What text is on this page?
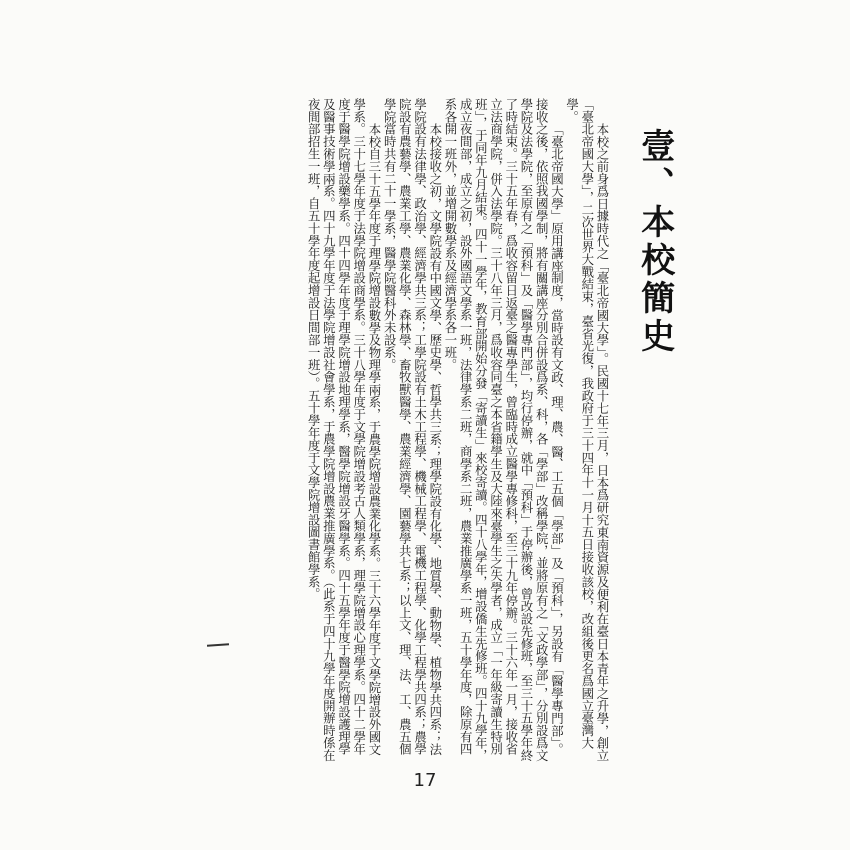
壹、本校簡史

本校之前身爲日據時代之「臺北帝國大學」。民國十七年三月，日本爲研究東南資源及便利在臺日本青年之升學，創立「臺北帝國大學」，二次世界大戰結束，臺省光復，我政府于三十四年十一月十五日接收該校，改組後更名爲國立臺灣大學。

「臺北帝國大學」原用講座制度，當時設有文政、理、農、醫、工五個「學部」及「預科」，另設有「醫學專門部」。接收之後，依照我國學制，將有關講座分別合併設爲系、科，各「學部」改稱學院，並將原有之「文政學部」，分別設爲文學院及法學院，至原有之「預科」及「醫學專門部」，均行停辦，就中「預科」于停辦後，曾改設先修班，至三十五學年終了時結束。三十五年春，爲收容留日返臺之醫專學生，曾臨時成立醫學專修科，至三十九年停辦。三十六年一月，接收省立法商學院，併入法學院。三十八年三月，爲收容同臺之本省籍學生及大陸來臺學生之失學者，成立「一年級寄讀生特別班」，于同年九月結束。四十一學年，教育部開始分發「寄讀生」來校寄讀。四十八學年，增設僑生先修班。四十九學年，成立夜間部，成立之初，設外國語文學系一班，法律學系二班，商學系二班，農業推廣學系一班，五十學年度，除原有四系各開一班外，並增開數學系及經濟學系各一班。

本校接收之初，文學院設有中國文學、歷史學、哲學共三系；理學院設有化學、地質學、動物學、植物學共四系；法學院設有法律學、政治學、經濟學共三系；工學院設有土木工程學、機械工程學、電機工程學、化學工程學共四系；農學院設有農藝學、農業工學、農業化學、森林學、畜牧獸醫學、農業經濟學、園藝學共七系；以上文、理、法、工、農五個學院當時共有二十一學系，醫學院醫科外未設系。

本校自三十五學年度于理學院增設數學及物理學兩系，于農學院增設農業化學系。三十六學年度于文學院增設外國文學系。三十七學年度于法學院增設商學系。三十八學年度于文學院增設考古人類學系，理學院增設心理學系。四十二學年度于醫學院增設藥學系。四十四學年度于理學院增設地理學系，醫學院增設牙醫學系。四十五學年度于醫學院增設護理學及醫事技術學兩系。四十九學年度于法學院增設社會學系，于農學院增設農業推廣學系。（此系于四十九學年度開辦時係在夜間部招生一班，自五十學年度起增設日間部一班）。五十學年度于文學院增設圖書館學系。

17
